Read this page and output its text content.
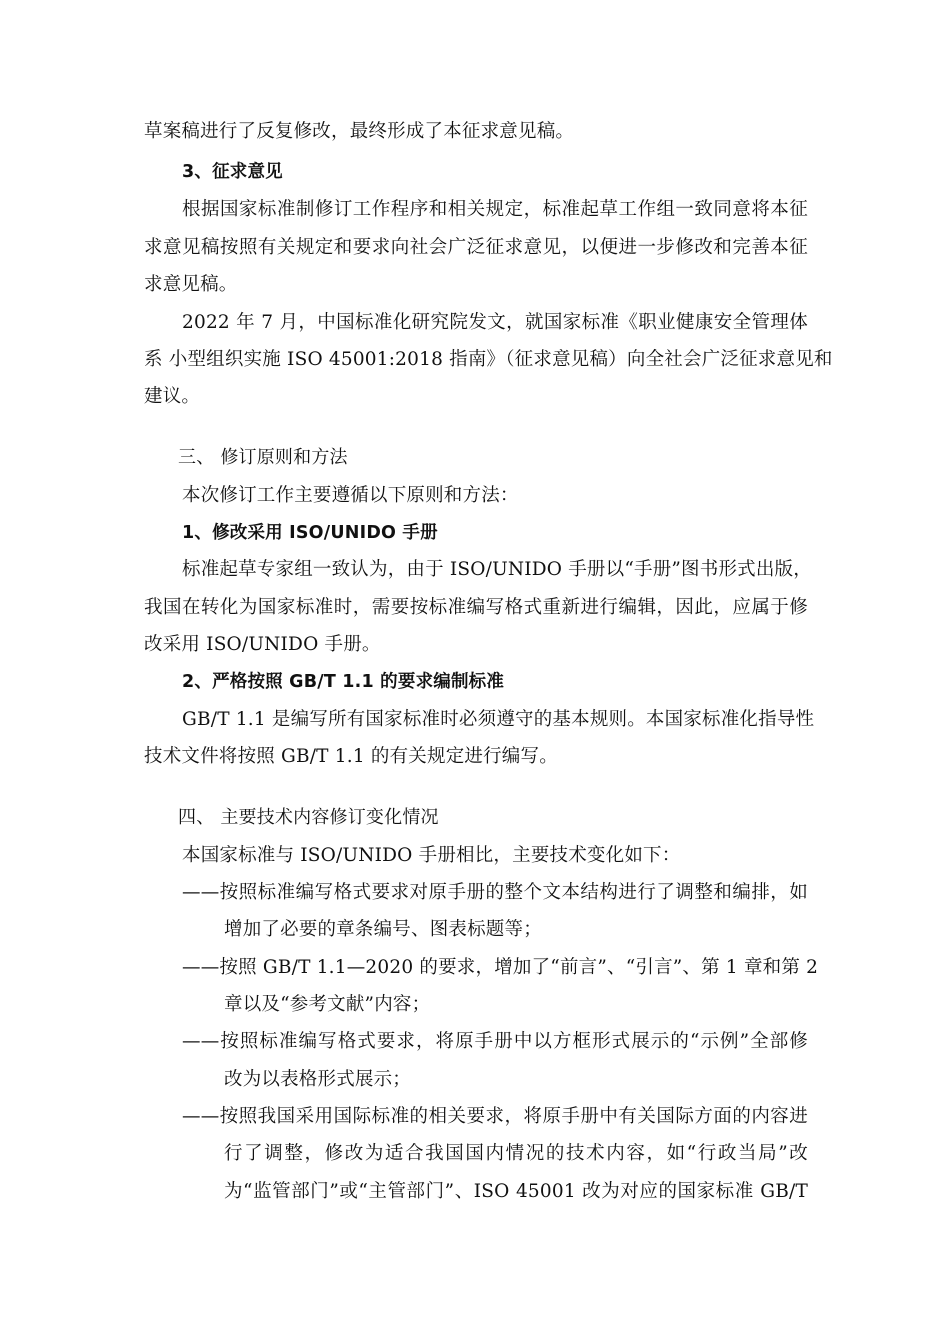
草案稿进行了反复修改，最终形成了本征求意见稿。
3、征求意见
根据国家标准制修订工作程序和相关规定，标准起草工作组一致同意将本征
求意见稿按照有关规定和要求向社会广泛征求意见，以便进一步修改和完善本征
求意见稿。
2022 年 7 月，中国标准化研究院发文，就国家标准《职业健康安全管理体
系 小型组织实施 ISO 45001:2018 指南》（征求意见稿）向全社会广泛征求意见和
建议。
三、 修订原则和方法
本次修订工作主要遵循以下原则和方法：
1、修改采用 ISO/UNIDO 手册
标准起草专家组一致认为，由于 ISO/UNIDO 手册以“手册”图书形式出版，
我国在转化为国家标准时，需要按标准编写格式重新进行编辑，因此，应属于修
改采用 ISO/UNIDO 手册。
2、严格按照 GB/T 1.1 的要求编制标准
GB/T 1.1 是编写所有国家标准时必须遵守的基本规则。本国家标准化指导性
技术文件将按照 GB/T 1.1 的有关规定进行编写。
四、 主要技术内容修订变化情况
本国家标准与 ISO/UNIDO 手册相比，主要技术变化如下：
——按照标准编写格式要求对原手册的整个文本结构进行了调整和编排，如
增加了必要的章条编号、图表标题等；
——按照 GB/T 1.1—2020 的要求，增加了“前言”、“引言”、第 1 章和第 2
章以及“参考文献”内容；
——按照标准编写格式要求，将原手册中以方框形式展示的“示例”全部修
改为以表格形式展示；
——按照我国采用国际标准的相关要求，将原手册中有关国际方面的内容进
行了调整，修改为适合我国国内情况的技术内容，如“行政当局”改
为“监管部门”或“主管部门”、ISO 45001 改为对应的国家标准 GB/T
